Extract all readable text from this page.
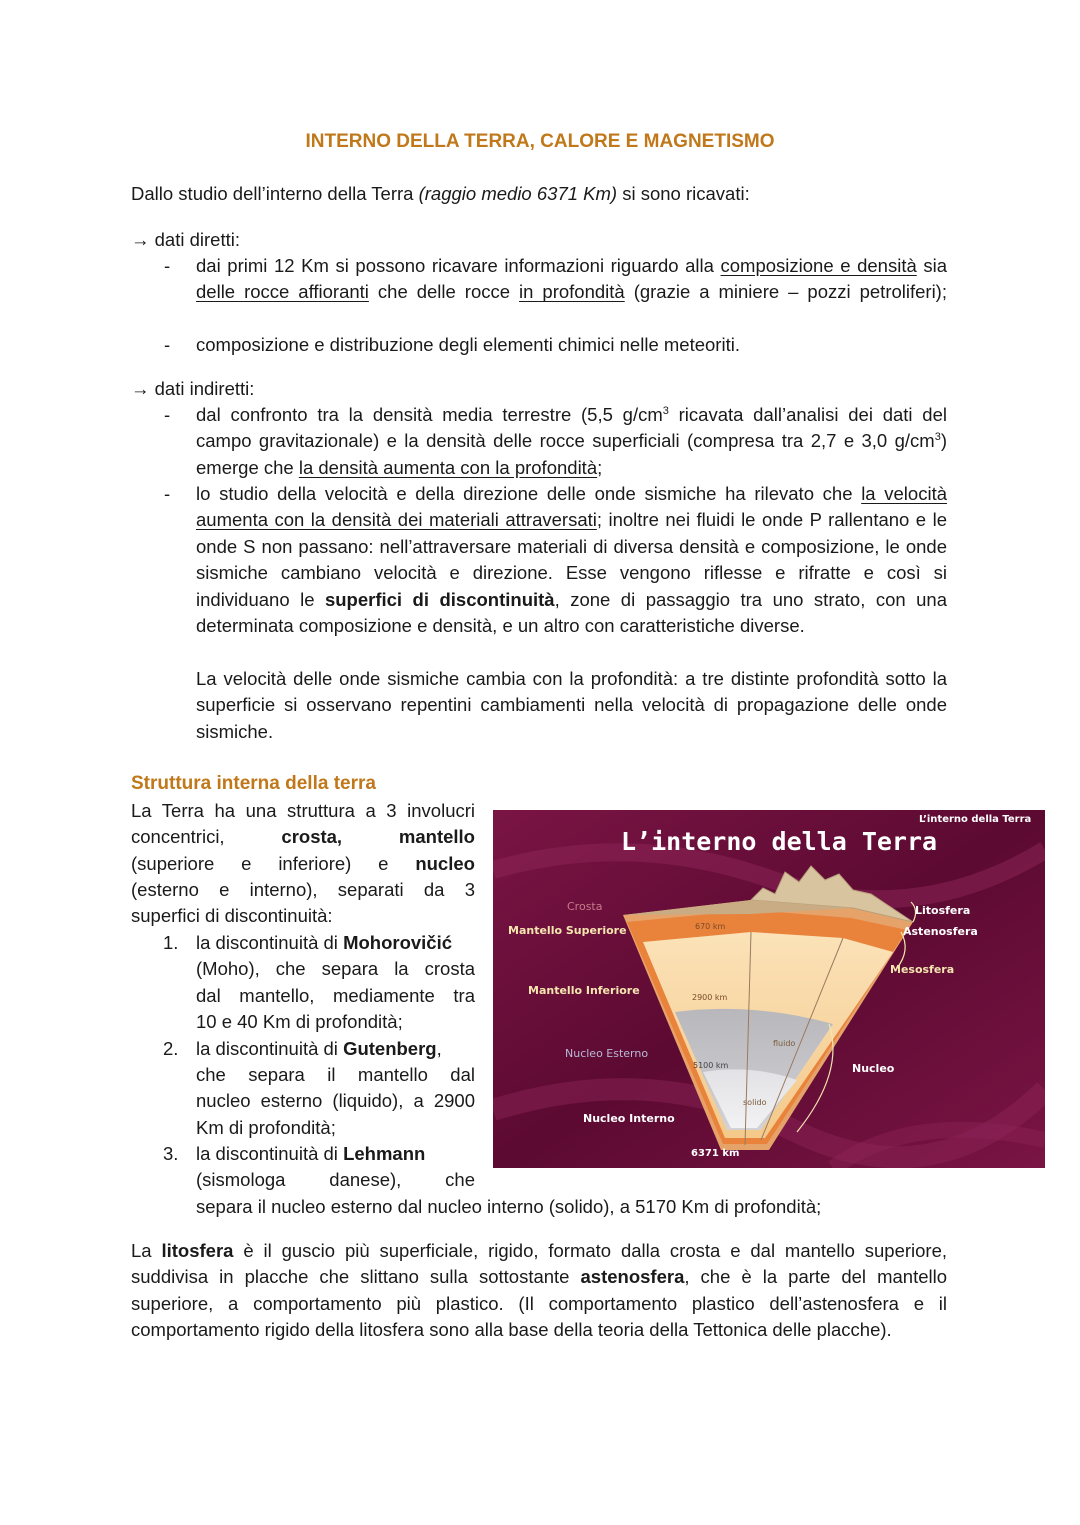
INTERNO DELLA TERRA, CALORE E MAGNETISMO

Dallo studio dell’interno della Terra (raggio medio 6371 Km) si sono ricavati:

→ dati diretti:

- dai primi 12 Km si possono ricavare informazioni riguardo alla composizione e densità sia delle rocce affioranti che delle rocce in profondità (grazie a miniere – pozzi petroliferi);

- composizione e distribuzione degli elementi chimici nelle meteoriti.

→ dati indiretti:

- dal confronto tra la densità media terrestre (5,5 $g/cm^3$ ricavata dall’analisi dei dati del campo gravitazionale) e la densità delle rocce superficiali (compresa tra 2,7 e 3,0 $g/cm^3$) emerge che la densità aumenta con la profondità;

- lo studio della velocità e della direzione delle onde sismiche ha rilevato che la velocità aumenta con la densità dei materiali attraversati; inoltre nei fluidi le onde P rallentano e le onde S non passano: nell’attraversare materiali di diversa densità e composizione, le onde sismiche cambiano velocità e direzione. Esse vengono riflesse e rifratte e così si individuano le superfici di discontinuità, zone di passaggio tra uno strato, con una determinata composizione e densità, e un altro con caratteristiche diverse.

La velocità delle onde sismiche cambia con la profondità: a tre distinte profondità sotto la superficie si osservano repentini cambiamenti nella velocità di propagazione delle onde sismiche.

Struttura interna della terra

La Terra ha una struttura a 3 involucri

concentrici,	crosta,	mantello

(superiore e inferiore) e nucleo

(esterno e interno), separati da 3

superfici di discontinuità:

1. la discontinuità di Mohorovičić

(Moho), che separa la crosta

dal mantello, mediamente tra

10 e 40 Km di profondità;

2. la discontinuità di Gutenberg,

che separa il mantello dal

nucleo esterno (liquido), a 2900

Km di profondità;

3. la discontinuità di Lehmann

(sismologa danese), che

separa il nucleo esterno dal nucleo interno (solido), a 5170 Km di profondità;

L’interno della Terra
L’interno della Terra
Crosta
Mantello Superiore
Mantello Inferiore
Nucleo Esterno
Nucleo Interno
Litosfera
Astenosfera
Mesosfera
Nucleo
fluido
solido
670 km
2900 km
5100 km
6371 km

La litosfera è il guscio più superficiale, rigido, formato dalla crosta e dal mantello superiore, suddivisa in placche che slittano sulla sottostante astenosfera, che è la parte del mantello superiore, a comportamento più plastico. (Il comportamento plastico dell’astenosfera e il comportamento rigido della litosfera sono alla base della teoria della Tettonica delle placche).
